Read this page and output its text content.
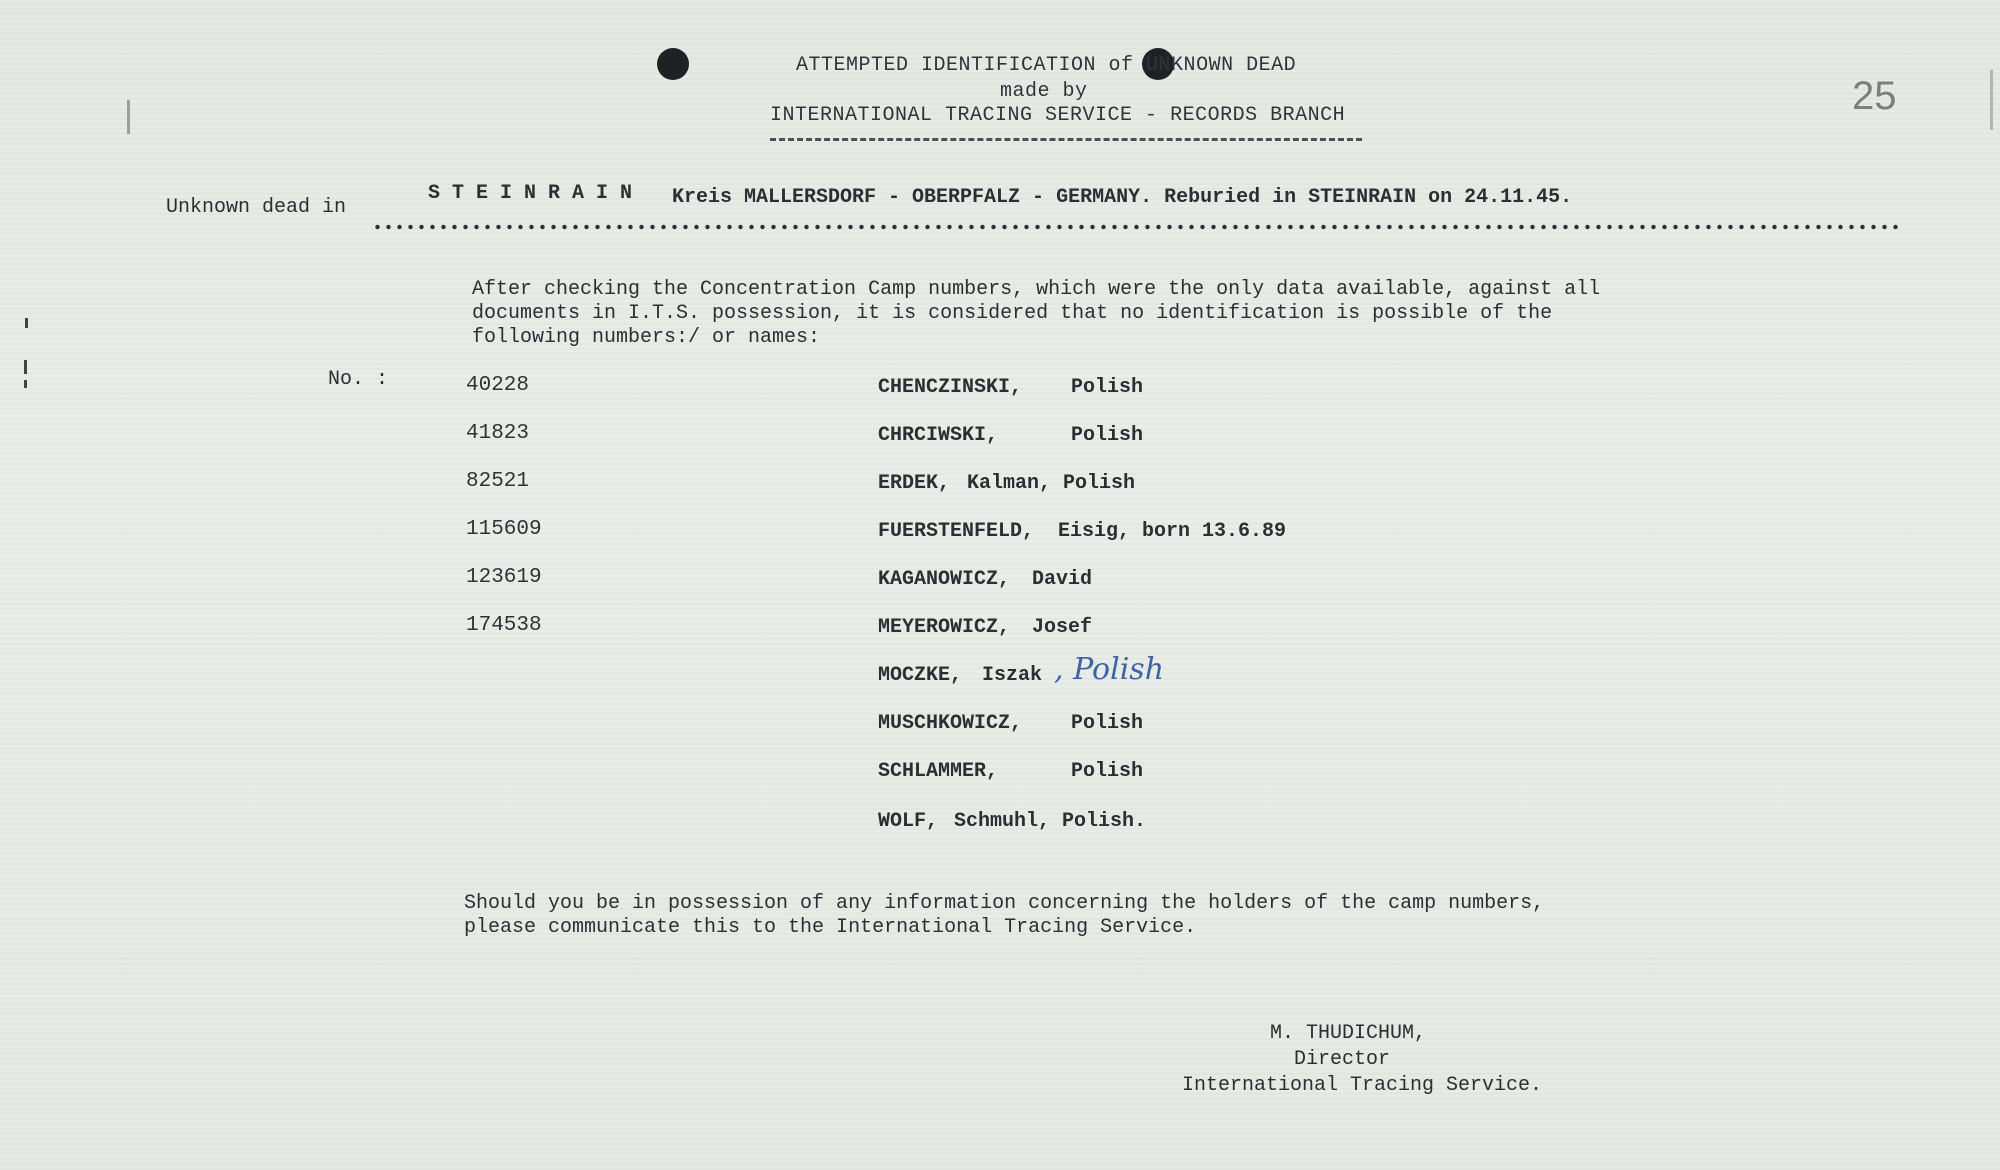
ATTEMPTED IDENTIFICATION of UNKNOWN DEAD
made by
INTERNATIONAL TRACING SERVICE - RECORDS BRANCH	25
Unknown dead in
S T E I N R A I N Kreis MALLERSDORF - OBERPFALZ - GERMANY. Reburied in STEINRAIN on 24.11.45.
After checking the Concentration Camp numbers, which were the only data available, against all
documents in I.T.S. possession, it is considered that no identification is possible of the
following numbers:/ or names:
No. :	40228	CHENCZINSKI, Polish
41823	CHRCIWSKI,	Polish
82521	ERDEK, Kalman, Polish
115609	FUERSTENFELD, Eisig, born 13.6.89
123619	KAGANOWICZ, David
174538	MEYEROWICZ, Josef
MOCZKE, Iszak , Polish
MUSCHKOWICZ, Polish
SCHLAMMER,	Polish
WOLF, Schmuhl, Polish.
Should you be in possession of any information concerning the holders of the camp numbers,
please communicate this to the International Tracing Service.
M. THUDICHUM,
Director
International Tracing Service.
